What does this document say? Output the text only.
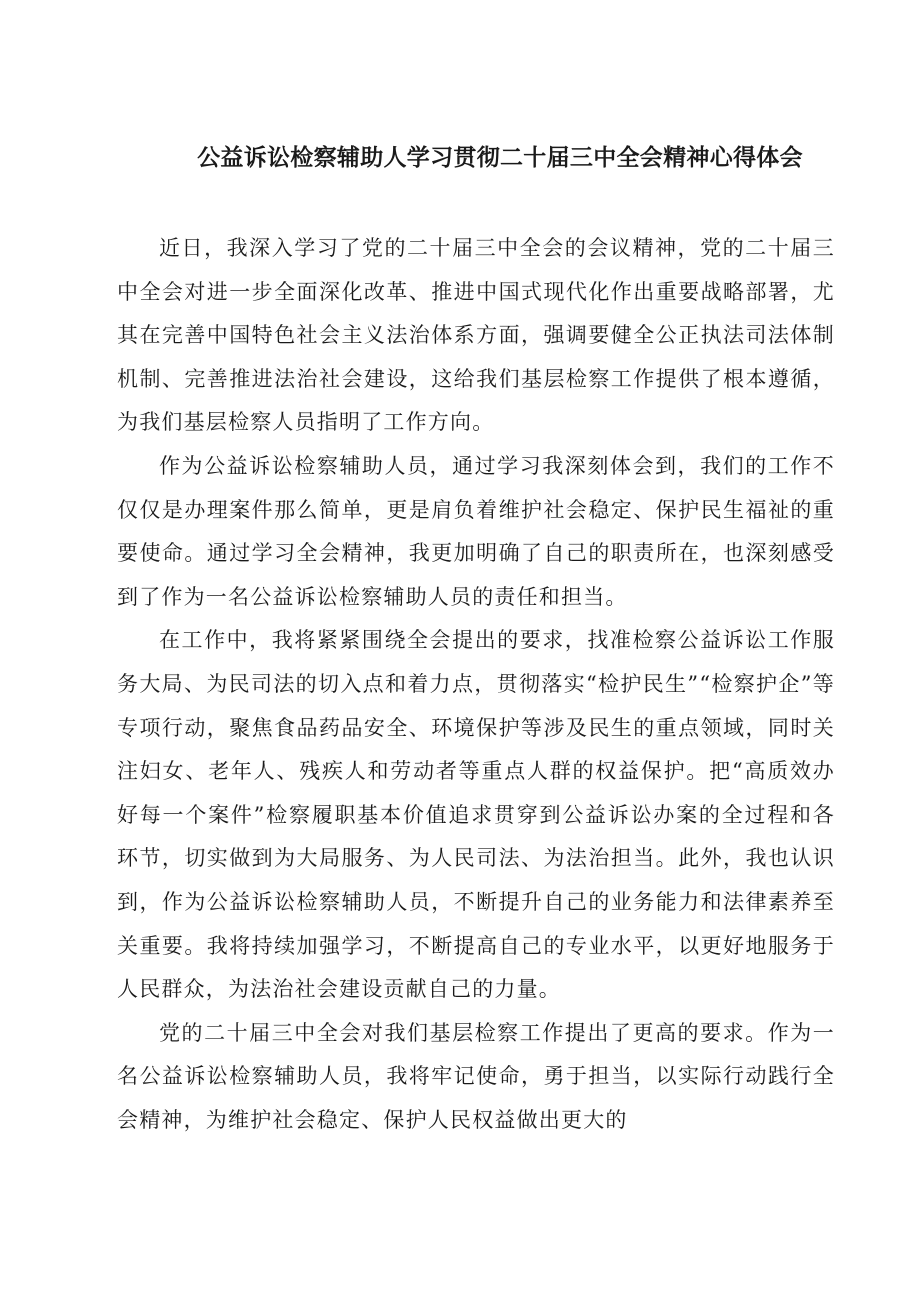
公益诉讼检察辅助人学习贯彻二十届三中全会精神心得体会

近日，我深入学习了党的二十届三中全会的会议精神，党的二十届三中全会对进一步全面深化改革、推进中国式现代化作出重要战略部署，尤其在完善中国特色社会主义法治体系方面，强调要健全公正执法司法体制机制、完善推进法治社会建设，这给我们基层检察工作提供了根本遵循，为我们基层检察人员指明了工作方向。

作为公益诉讼检察辅助人员，通过学习我深刻体会到，我们的工作不仅仅是办理案件那么简单，更是肩负着维护社会稳定、保护民生福祉的重要使命。通过学习全会精神，我更加明确了自己的职责所在，也深刻感受到了作为一名公益诉讼检察辅助人员的责任和担当。

在工作中，我将紧紧围绕全会提出的要求，找准检察公益诉讼工作服务大局、为民司法的切入点和着力点，贯彻落实“检护民生”“检察护企”等专项行动，聚焦食品药品安全、环境保护等涉及民生的重点领域，同时关注妇女、老年人、残疾人和劳动者等重点人群的权益保护。把“高质效办好每一个案件”检察履职基本价值追求贯穿到公益诉讼办案的全过程和各环节，切实做到为大局服务、为人民司法、为法治担当。此外，我也认识到，作为公益诉讼检察辅助人员，不断提升自己的业务能力和法律素养至关重要。我将持续加强学习，不断提高自己的专业水平，以更好地服务于人民群众，为法治社会建设贡献自己的力量。

党的二十届三中全会对我们基层检察工作提出了更高的要求。作为一名公益诉讼检察辅助人员，我将牢记使命，勇于担当，以实际行动践行全会精神，为维护社会稳定、保护人民权益做出更大的
